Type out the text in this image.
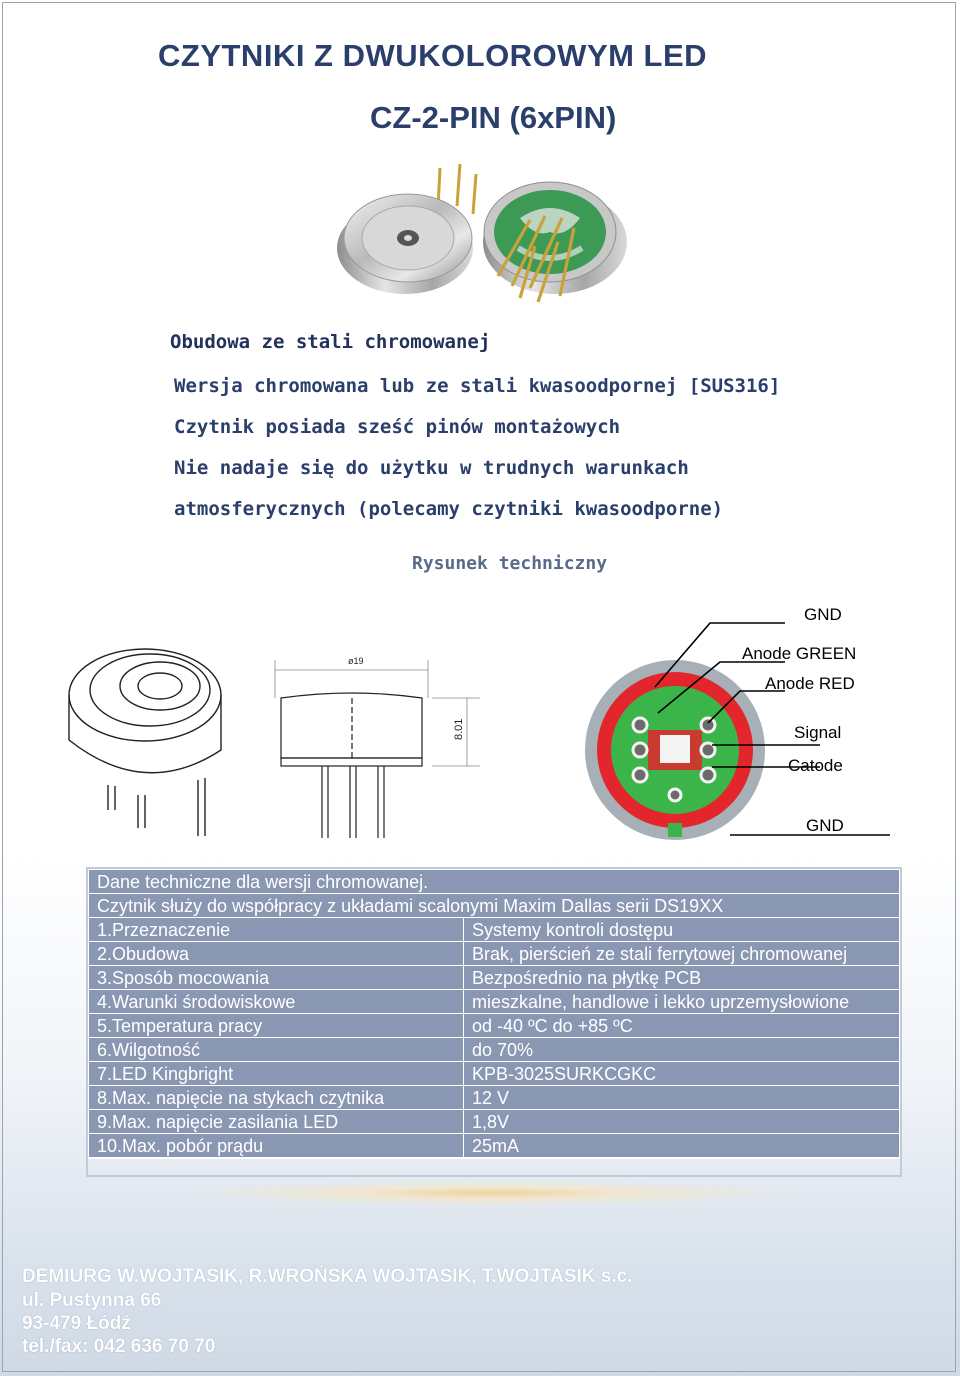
CZYTNIKI Z DWUKOLOROWYM LED
CZ-2-PIN (6xPIN)
Obudowa ze stali chromowanej
Wersja chromowana lub ze stali kwasoodpornej [SUS316]
Czytnik posiada sześć pinów montażowych
Nie nadaje się do użytku w trudnych warunkach
atmosferycznych (polecamy czytniki kwasoodporne)
Rysunek techniczny
ø19
8.01
GND
Anode GREEN
Anode RED
Signal
Catode
GND
Dane techniczne dla wersji chromowanej.	
Czytnik służy do współpracy z układami scalonymi Maxim Dallas serii DS19XX	
1.Przeznaczenie	Systemy kontroli dostępu
2.Obudowa	Brak, pierścień ze stali ferrytowej chromowanej
3.Sposób mocowania	Bezpośrednio na płytkę PCB
4.Warunki środowiskowe	mieszkalne, handlowe i lekko uprzemysłowione
5.Temperatura pracy	od -40 ºC do +85 ºC
6.Wilgotność	do 70%
7.LED Kingbright	KPB-3025SURKCGKC
8.Max. napięcie na stykach czytnika	12 V
9.Max. napięcie zasilania LED	1,8V
10.Max. pobór prądu	25mA
DEMIURG W.WOJTASIK, R.WROŃSKA WOJTASIK, T.WOJTASIK s.c.
ul. Pustynna 66
93-479 Łódź
tel./fax: 042 636 70 70
